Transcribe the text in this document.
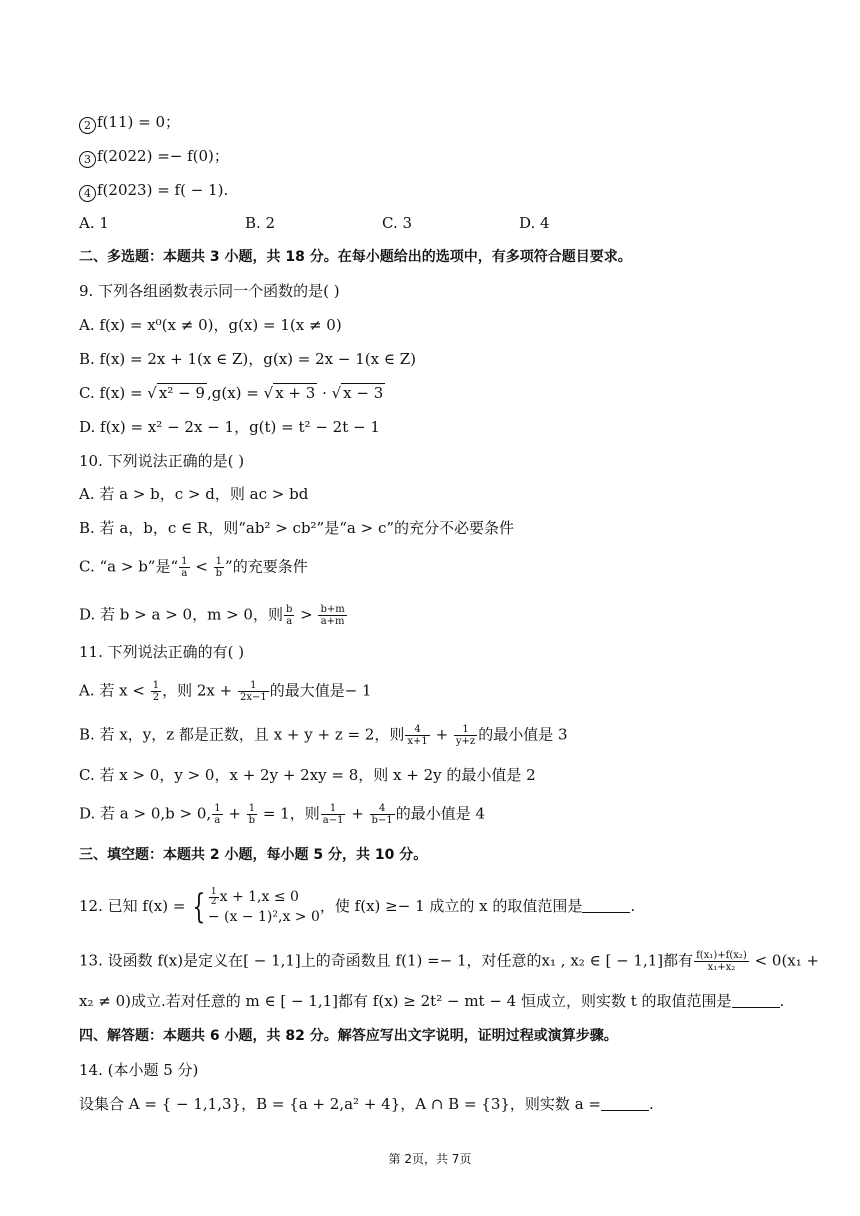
2 f(11) = 0；
3 f(2022) =− f(0)；
4 f(2023) = f( − 1).
A. 1	B. 2	C. 3	D. 4
二、多选题：本题共 3 小题，共 18 分。在每小题给出的选项中，有多项符合题目要求。
9. 下列各组函数表示同一个函数的是( )
A. f(x) = x⁰(x ≠ 0)，g(x) = 1(x ≠ 0)
B. f(x) = 2x + 1(x ∈ Z)，g(x) = 2x − 1(x ∈ Z)
C. f(x) = √ x² − 9 ,g(x) = √ x + 3 · √ x − 3
D. f(x) = x² − 2x − 1，g(t) = t² − 2t − 1
10. 下列说法正确的是( )
A. 若 a > b，c > d，则 ac > bd
B. 若 a，b，c ∈ R，则“ab² > cb²”是“a > c”的充分不必要条件
C. “a > b”是“ $\frac{1}{a} < \frac{1}{b}$ ”的充要条件
D. 若 b > a > 0，m > 0，则 $\frac{b}{a} > \frac{b+m}{a+m}$
11. 下列说法正确的有( )
A. 若 $x < \frac{1}{2}$ ，则 $2x + \frac{1}{2x-1}$ 的最大值是− 1
B. 若 x，y，z 都是正数，且 x + y + z = 2，则 $\frac{4}{x+1} + \frac{1}{y+z}$ 的最小值是 3
C. 若 x > 0，y > 0，x + 2y + 2xy = 8，则 x + 2y 的最小值是 2
D. 若 a > 0,b > 0, $\frac{1}{a} + \frac{1}{b} = 1$，则 $\frac{1}{a-1} + \frac{4}{b-1}$ 的最小值是 4
三、填空题：本题共 2 小题，每小题 5 分，共 10 分。
12. 已知 f(x) = { $\frac{1}{2}$ x + 1,x ≤ 0
− (x − 1)²,x > 0
，使 f(x) ≥− 1 成立的 x 的取值范围是	.
13. 设函数 f(x)是定义在[ − 1,1]上的奇函数且 f(1) =− 1，对任意的x₁ , x₂ ∈ [ − 1,1]都有 $\frac{\text{f(x₁)+f(x₂)}}{\text{x₁+x₂}} < 0(x_1$ +
x₂ ≠ 0)成立.若对任意的 m ∈ [ − 1,1]都有 f(x) ≥ 2t² − mt − 4 恒成立，则实数 t 的取值范围是	.
四、解答题：本题共 6 小题，共 82 分。解答应写出文字说明，证明过程或演算步骤。
14. (本小题 5 分)
设集合 A = { − 1,1,3}，B = {a + 2,a² + 4}，A ∩ B = {3}，则实数 a =	.
第 2页，共 7页
